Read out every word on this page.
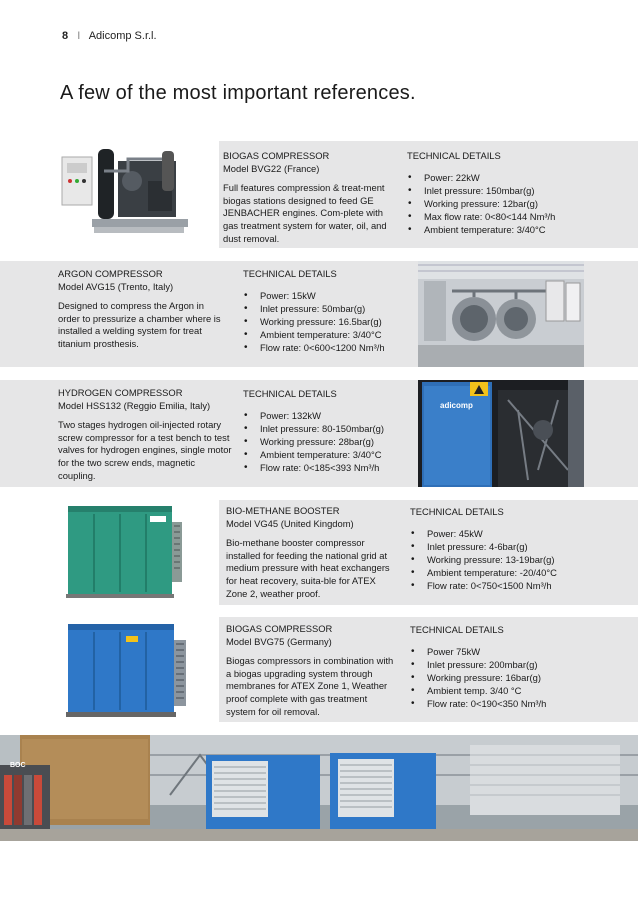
8 I Adicomp S.r.l.
A few of the most important references.
BIOGAS COMPRESSOR
Model BVG22 (France)
Full features compression & treat-ment biogas stations designed to feed GE JENBACHER engines. Com-plete with gas treatment system for water, oil, and dust removal.
TECHNICAL DETAILS
• Power: 22kW
• Inlet pressure: 150mbar(g)
• Working pressure: 12bar(g)
• Max flow rate: 0<80<144 Nm³/h
• Ambient temperature: 3/40°C
ARGON COMPRESSOR
Model AVG15 (Trento, Italy)
Designed to compress the Argon in order to pressurize a chamber where is installed a welding system for treat titanium prosthesis.
TECHNICAL DETAILS
• Power: 15kW
• Inlet pressure: 50mbar(g)
• Working pressure: 16.5bar(g)
• Ambient temperature: 3/40°C
• Flow rate: 0<600<1200 Nm³/h
HYDROGEN COMPRESSOR
Model HSS132 (Reggio Emilia, Italy)
Two stages hydrogen oil-injected rotary screw compressor for a test bench to test valves for hydrogen engines, single motor for the two screw ends, magnetic coupling.
TECHNICAL DETAILS
• Power: 132kW
• Inlet pressure: 80-150mbar(g)
• Working pressure: 28bar(g)
• Ambient temperature: 3/40°C
• Flow rate: 0<185<393 Nm³/h
adicomp
BIO-METHANE BOOSTER
Model VG45 (United Kingdom)
Bio-methane booster compressor installed for feeding the national grid at medium pressure with heat exchangers for heat recovery, suita-ble for ATEX Zone 2, weather proof.
TECHNICAL DETAILS
• Power: 45kW
• Inlet pressure: 4-6bar(g)
• Working pressure: 13-19bar(g)
• Ambient temperature: -20/40°C
• Flow rate: 0<750<1500 Nm³/h
BIOGAS COMPRESSOR
Model BVG75 (Germany)
Biogas compressors in combination with a biogas upgrading system through membranes for ATEX Zone 1, Weather proof complete with gas treatment system for oil removal.
TECHNICAL DETAILS
• Power 75kW
• Inlet pressure: 200mbar(g)
• Working pressure: 16bar(g)
• Ambient temp. 3/40 °C
• Flow rate: 0<190<350 Nm³/h
BOC
